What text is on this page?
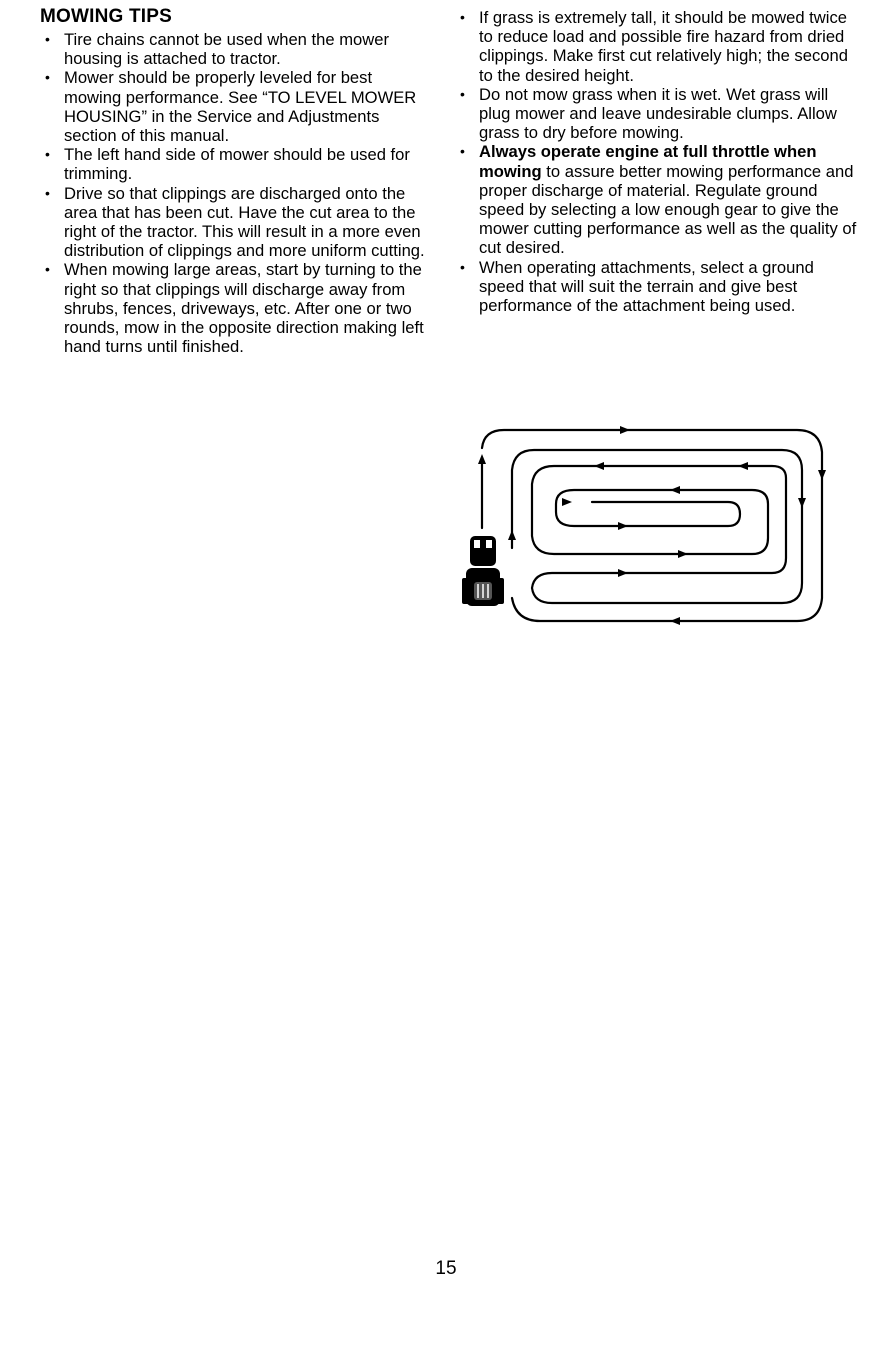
MOWING TIPS
• Tire chains cannot be used when the mower housing is attached to tractor.
• Mower should be properly leveled for best mowing performance. See “TO LEVEL MOWER HOUSING” in the Service and Adjustments section of this manual.
• The left hand side of mower should be used for trimming.
• Drive so that clippings are discharged onto the area that has been cut. Have the cut area to the right of the tractor. This will result in a more even distribution of clippings and more uniform cutting.
• When mowing large areas, start by turning to the right so that clippings will discharge away from shrubs, fences, driveways, etc. After one or two rounds, mow in the opposite direction making left hand turns until finished.
• If grass is extremely tall, it should be mowed twice to reduce load and possible fire hazard from dried clippings. Make first cut relatively high; the second to the desired height.
• Do not mow grass when it is wet. Wet grass will plug mower and leave undesirable clumps. Allow grass to dry before mowing.
• Always operate engine at full throttle when mowing to assure better mowing performance and proper discharge of material. Regulate ground speed by selecting a low enough gear to give the mower cutting performance as well as the quality of cut desired.
• When operating attachments, select a ground speed that will suit the terrain and give best performance of the attachment being used.
15
